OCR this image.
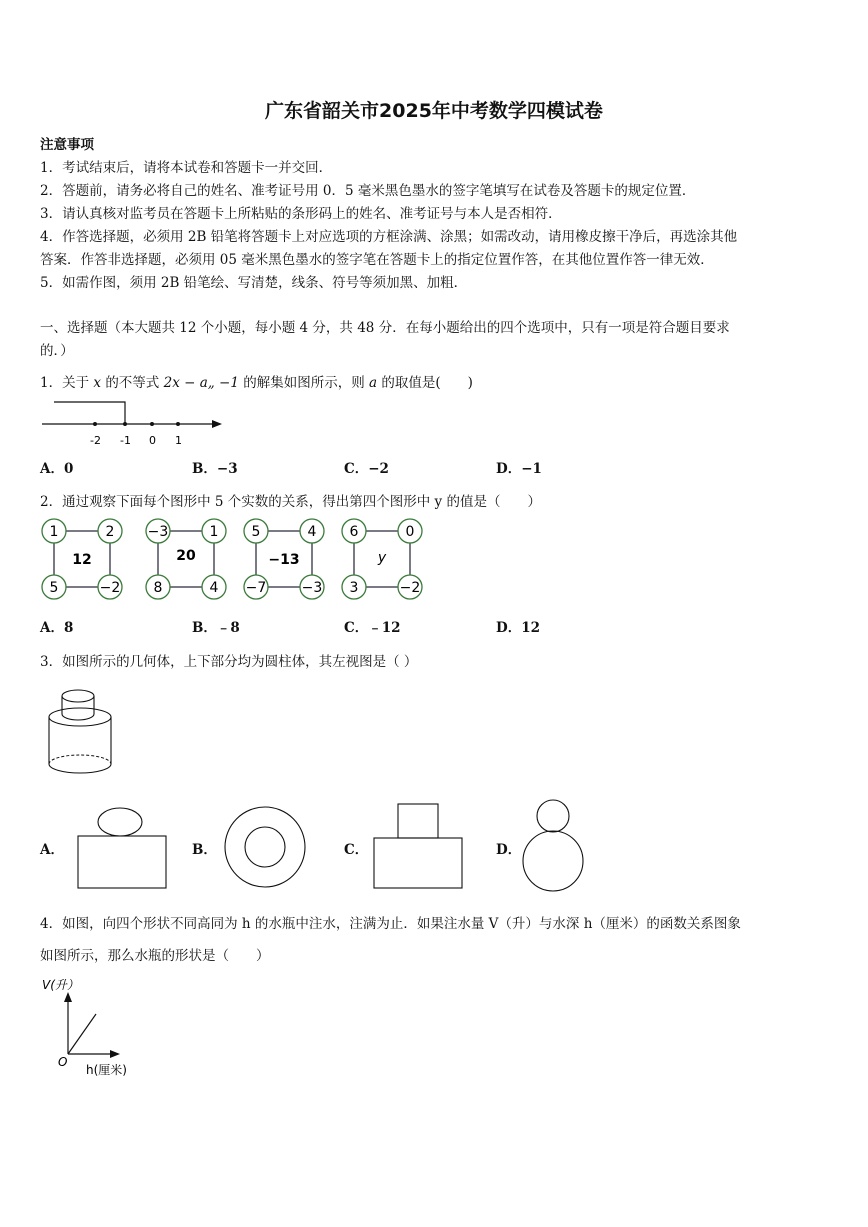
广东省韶关市2025年中考数学四模试卷
注意事项
1．考试结束后，请将本试卷和答题卡一并交回．
2．答题前，请务必将自己的姓名、准考证号用 0．5 毫米黑色墨水的签字笔填写在试卷及答题卡的规定位置．
3．请认真核对监考员在答题卡上所粘贴的条形码上的姓名、准考证号与本人是否相符．
4．作答选择题，必须用 2B 铅笔将答题卡上对应选项的方框涂满、涂黑；如需改动，请用橡皮擦干净后，再选涂其他
答案．作答非选择题，必须用 05 毫米黑色墨水的签字笔在答题卡上的指定位置作答，在其他位置作答一律无效．
5．如需作图，须用 2B 铅笔绘、写清楚，线条、符号等须加黑、加粗．
一、选择题（本大题共 12 个小题，每小题 4 分，共 48 分．在每小题给出的四个选项中，只有一项是符合题目要求
的．）
1．关于 x 的不等式 2x − a„ −1 的解集如图所示，则 a 的取值是(　　)
-2 -1 0 1
A．0	B．−3	C．−2	D．−1
2．通过观察下面每个图形中 5 个实数的关系，得出第四个图形中 y 的值是（　　）
1	2
12
5	−2
−3	1
20
8	4
5	4
−13
−7	−3
6	0
y
3	−2
A．8	B．﹣8	C．﹣12	D．12
3．如图所示的几何体，上下部分均为圆柱体，其左视图是（ ）
A．	B．	C．	D．
4．如图，向四个形状不同高同为 h 的水瓶中注水，注满为止．如果注水量 V（升）与水深 h（厘米）的函数关系图象
如图所示，那么水瓶的形状是（　　）
V(升）
O
h(厘米)
